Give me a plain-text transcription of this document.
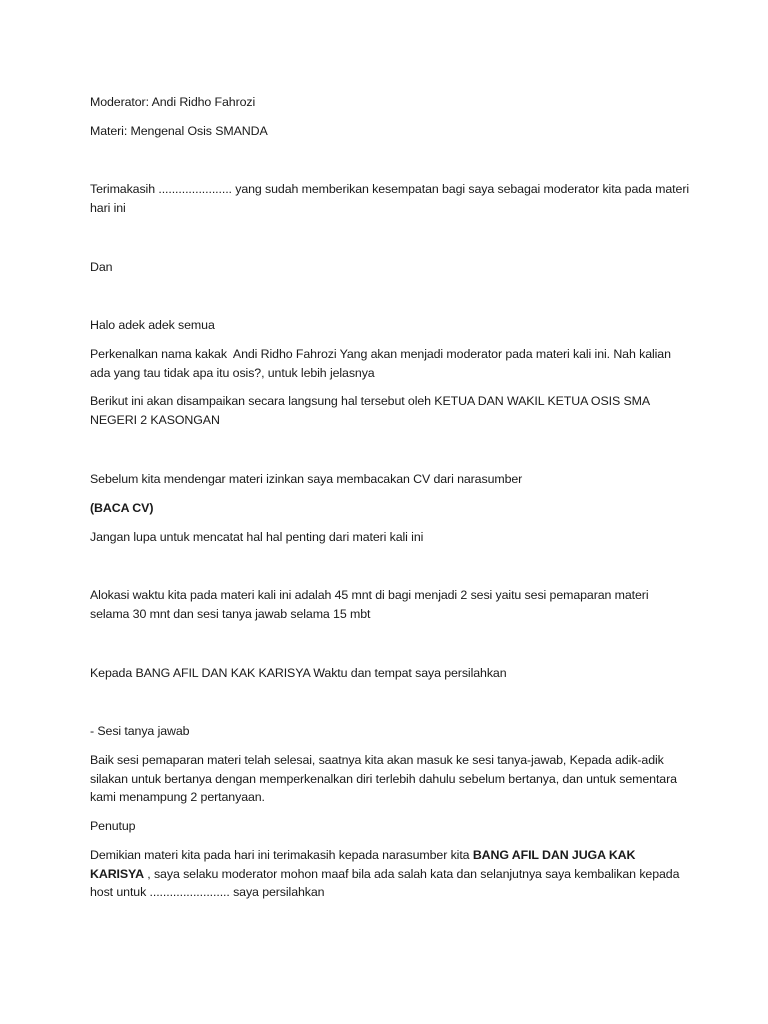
Moderator: Andi Ridho Fahrozi

Materi: Mengenal Osis SMANDA

Terimakasih ...................... yang sudah memberikan kesempatan bagi saya sebagai moderator kita pada materi hari ini

Dan

Halo adek adek semua

Perkenalkan nama kakak  Andi Ridho Fahrozi Yang akan menjadi moderator pada materi kali ini. Nah kalian ada yang tau tidak apa itu osis?, untuk lebih jelasnya

Berikut ini akan disampaikan secara langsung hal tersebut oleh KETUA DAN WAKIL KETUA OSIS SMA NEGERI 2 KASONGAN

Sebelum kita mendengar materi izinkan saya membacakan CV dari narasumber

(BACA CV)

Jangan lupa untuk mencatat hal hal penting dari materi kali ini

Alokasi waktu kita pada materi kali ini adalah 45 mnt di bagi menjadi 2 sesi yaitu sesi pemaparan materi selama 30 mnt dan sesi tanya jawab selama 15 mbt

Kepada BANG AFIL DAN KAK KARISYA Waktu dan tempat saya persilahkan

- Sesi tanya jawab

Baik sesi pemaparan materi telah selesai, saatnya kita akan masuk ke sesi tanya-jawab, Kepada adik-adik silakan untuk bertanya dengan memperkenalkan diri terlebih dahulu sebelum bertanya, dan untuk sementara kami menampung 2 pertanyaan.

Penutup

Demikian materi kita pada hari ini terimakasih kepada narasumber kita BANG AFIL DAN JUGA KAK KARISYA , saya selaku moderator mohon maaf bila ada salah kata dan selanjutnya saya kembalikan kepada host untuk ........................ saya persilahkan
